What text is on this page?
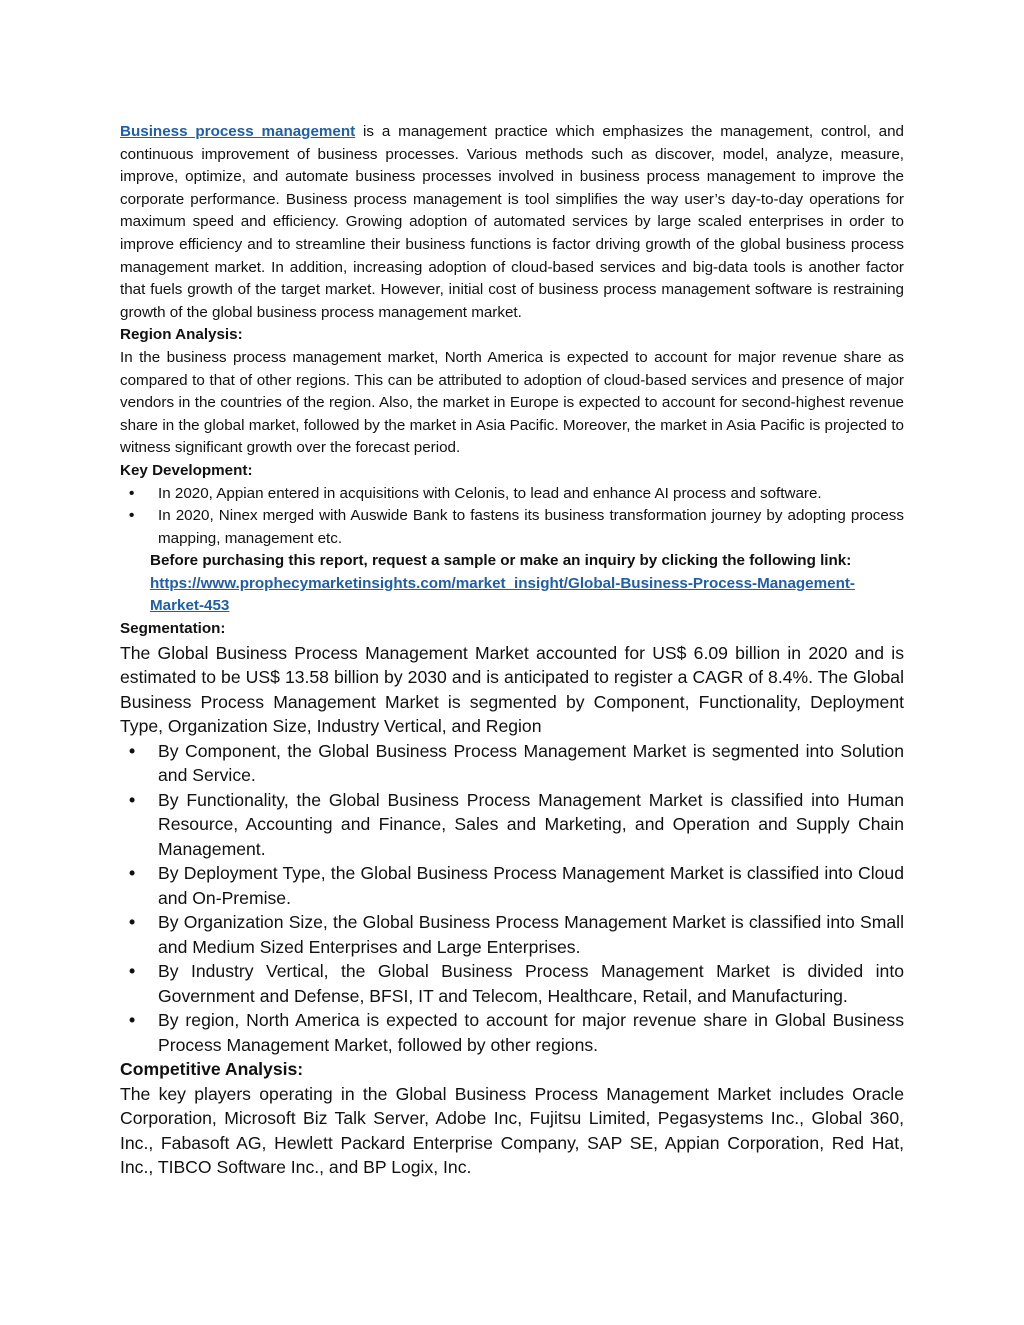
Business process management is a management practice which emphasizes the management, control, and continuous improvement of business processes. Various methods such as discover, model, analyze, measure, improve, optimize, and automate business processes involved in business process management to improve the corporate performance. Business process management is tool simplifies the way user’s day-to-day operations for maximum speed and efficiency. Growing adoption of automated services by large scaled enterprises in order to improve efficiency and to streamline their business functions is factor driving growth of the global business process management market. In addition, increasing adoption of cloud-based services and big-data tools is another factor that fuels growth of the target market. However, initial cost of business process management software is restraining growth of the global business process management market.

Region Analysis:

In the business process management market, North America is expected to account for major revenue share as compared to that of other regions. This can be attributed to adoption of cloud-based services and presence of major vendors in the countries of the region. Also, the market in Europe is expected to account for second-highest revenue share in the global market, followed by the market in Asia Pacific. Moreover, the market in Asia Pacific is projected to witness significant growth over the forecast period.

Key Development:

• In 2020, Appian entered in acquisitions with Celonis, to lead and enhance AI process and software.
• In 2020, Ninex merged with Auswide Bank to fastens its business transformation journey by adopting process mapping, management etc.

Before purchasing this report, request a sample or make an inquiry by clicking the following link:

https://www.prophecymarketinsights.com/market_insight/Global-Business-Process-Management-Market-453

Segmentation:

The Global Business Process Management Market accounted for US$ 6.09 billion in 2020 and is estimated to be US$ 13.58 billion by 2030 and is anticipated to register a CAGR of 8.4%. The Global Business Process Management Market is segmented by Component, Functionality, Deployment Type, Organization Size, Industry Vertical, and Region

• By Component, the Global Business Process Management Market is segmented into Solution and Service.
• By Functionality, the Global Business Process Management Market is classified into Human Resource, Accounting and Finance, Sales and Marketing, and Operation and Supply Chain Management.
• By Deployment Type, the Global Business Process Management Market is classified into Cloud and On-Premise.
• By Organization Size, the Global Business Process Management Market is classified into Small and Medium Sized Enterprises and Large Enterprises.
• By Industry Vertical, the Global Business Process Management Market is divided into Government and Defense, BFSI, IT and Telecom, Healthcare, Retail, and Manufacturing.
• By region, North America is expected to account for major revenue share in Global Business Process Management Market, followed by other regions.

Competitive Analysis:

The key players operating in the Global Business Process Management Market includes Oracle Corporation, Microsoft Biz Talk Server, Adobe Inc, Fujitsu Limited, Pegasystems Inc., Global 360, Inc., Fabasoft AG, Hewlett Packard Enterprise Company, SAP SE, Appian Corporation, Red Hat, Inc., TIBCO Software Inc., and BP Logix, Inc.
